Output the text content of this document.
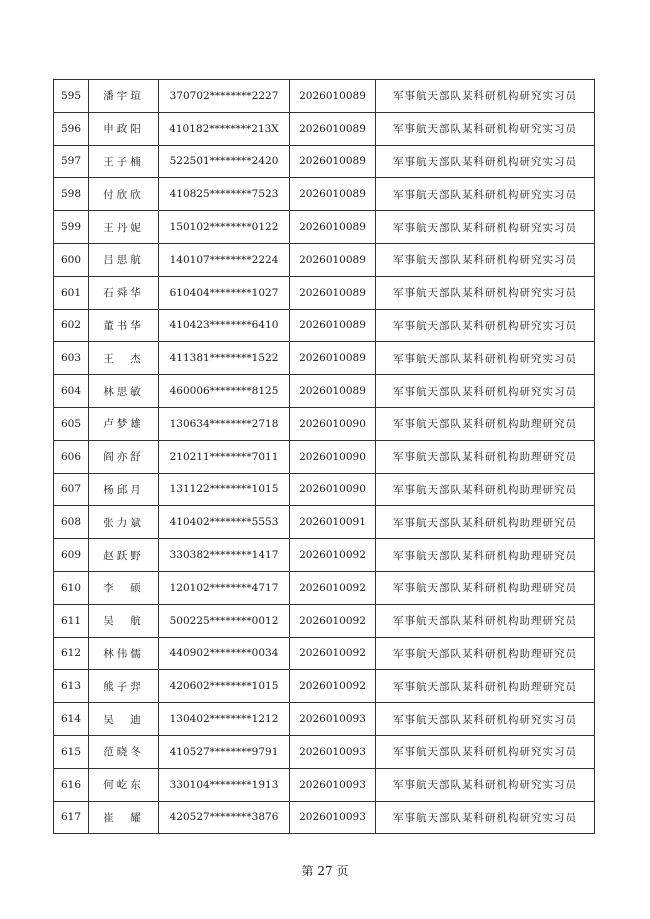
595	潘宇瑄	370702********2227	2026010089	军事航天部队某科研机构研究实习员
596	申政阳	410182********213X	2026010089	军事航天部队某科研机构研究实习员
597	王子楠	522501********2420	2026010089	军事航天部队某科研机构研究实习员
598	付欣欣	410825********7523	2026010089	军事航天部队某科研机构研究实习员
599	王丹妮	150102********0122	2026010089	军事航天部队某科研机构研究实习员
600	吕思航	140107********2224	2026010089	军事航天部队某科研机构研究实习员
601	石舜华	610404********1027	2026010089	军事航天部队某科研机构研究实习员
602	董书华	410423********6410	2026010089	军事航天部队某科研机构研究实习员
603	王　杰	411381********1522	2026010089	军事航天部队某科研机构研究实习员
604	林思敏	460006********8125	2026010089	军事航天部队某科研机构研究实习员
605	卢梦雄	130634********2718	2026010090	军事航天部队某科研机构助理研究员
606	阎亦舒	210211********7011	2026010090	军事航天部队某科研机构助理研究员
607	杨邱月	131122********1015	2026010090	军事航天部队某科研机构助理研究员
608	张力斌	410402********5553	2026010091	军事航天部队某科研机构助理研究员
609	赵跃野	330382********1417	2026010092	军事航天部队某科研机构助理研究员
610	李　硕	120102********4717	2026010092	军事航天部队某科研机构助理研究员
611	吴　航	500225********0012	2026010092	军事航天部队某科研机构助理研究员
612	林伟儒	440902********0034	2026010092	军事航天部队某科研机构助理研究员
613	熊子羿	420602********1015	2026010092	军事航天部队某科研机构助理研究员
614	吴　迪	130402********1212	2026010093	军事航天部队某科研机构研究实习员
615	范晓冬	410527********9791	2026010093	军事航天部队某科研机构研究实习员
616	何屹东	330104********1913	2026010093	军事航天部队某科研机构研究实习员
617	崔　耀	420527********3876	2026010093	军事航天部队某科研机构研究实习员
第 27 页
